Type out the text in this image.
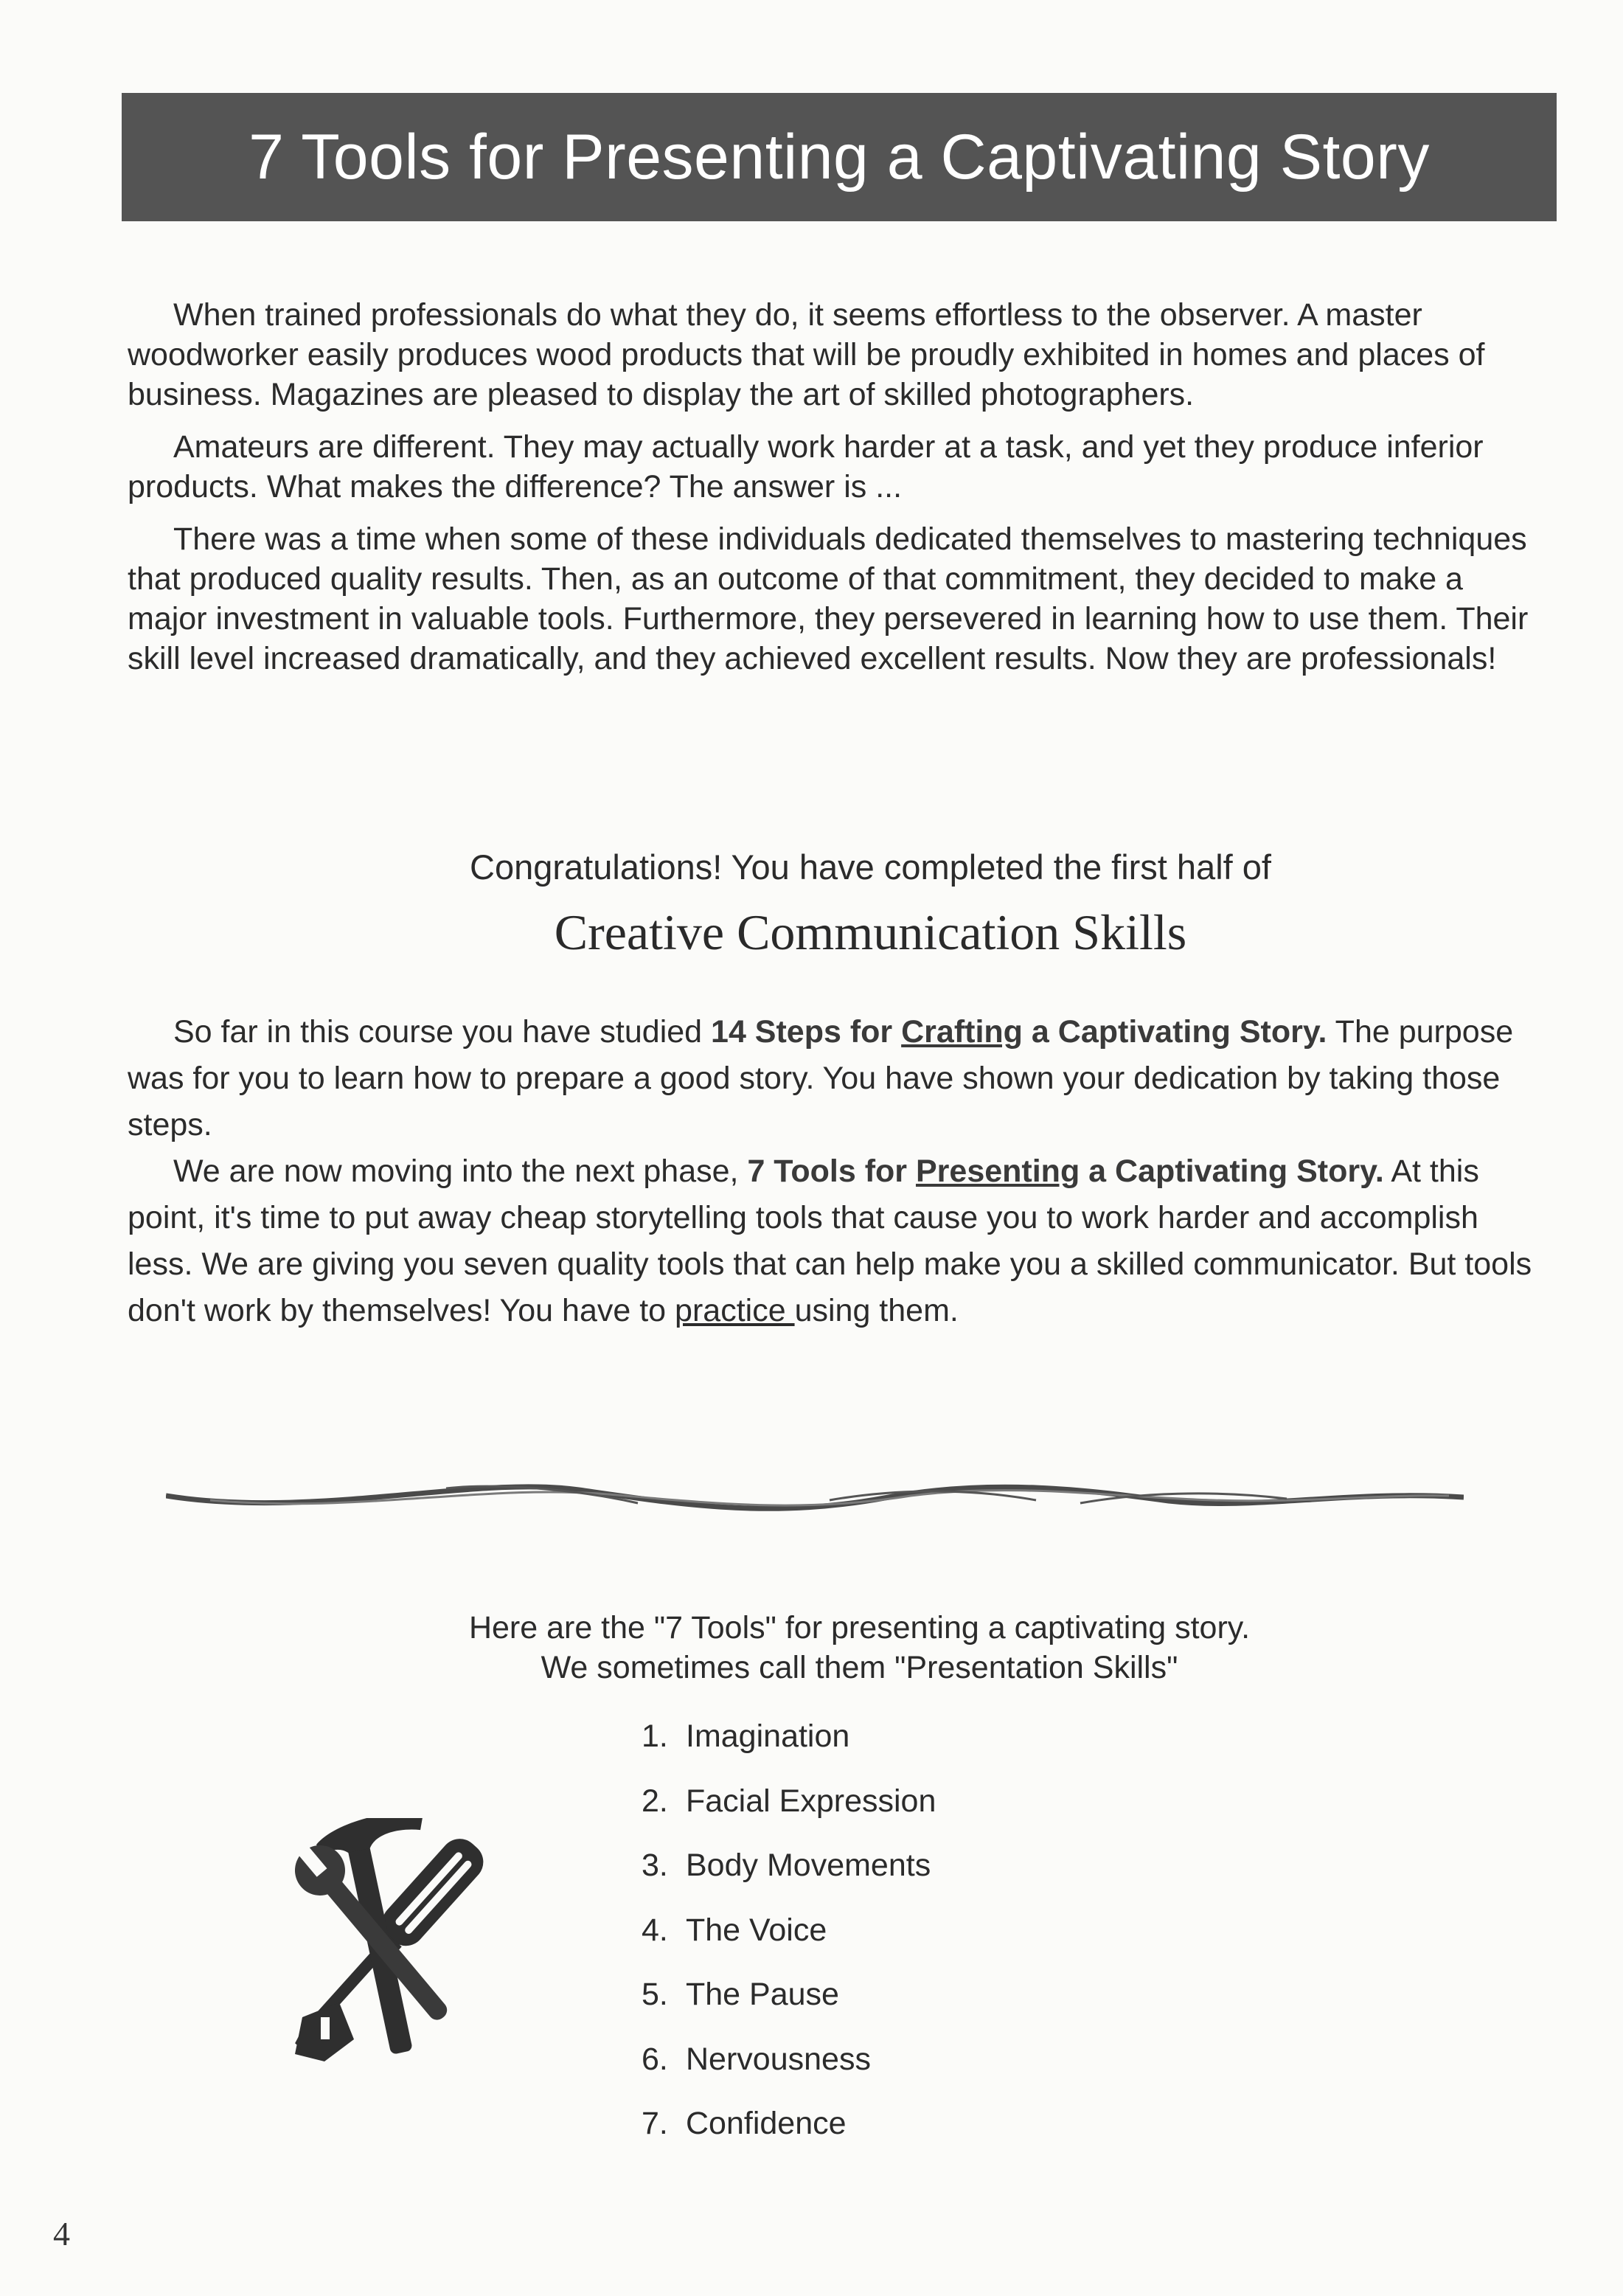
7 Tools for Presenting a Captivating Story

When trained professionals do what they do, it seems effortless to the observer. A master woodworker easily produces wood products that will be proudly exhibited in homes and places of business. Magazines are pleased to display the art of skilled photographers.

Amateurs are different. They may actually work harder at a task, and yet they produce inferior products. What makes the difference? The answer is ...

There was a time when some of these individuals dedicated themselves to mastering techniques that produced quality results. Then, as an outcome of that commitment, they decided to make a major investment in valuable tools. Furthermore, they persevered in learning how to use them. Their skill level increased dramatically, and they achieved excellent results. Now they are professionals!

Congratulations! You have completed the first half of
Creative Communication Skills

So far in this course you have studied 14 Steps for Crafting a Captivating Story. The purpose was for you to learn how to prepare a good story. You have shown your dedication by taking those steps.

We are now moving into the next phase, 7 Tools for Presenting a Captivating Story. At this point, it's time to put away cheap storytelling tools that cause you to work harder and accomplish less. We are giving you seven quality tools that can help make you a skilled communicator. But tools don't work by themselves! You have to practice using them.

Here are the "7 Tools" for presenting a captivating story.
We sometimes call them "Presentation Skills"
1. Imagination
2. Facial Expression
3. Body Movements
4. The Voice
5. The Pause
6. Nervousness
7. Confidence
4
